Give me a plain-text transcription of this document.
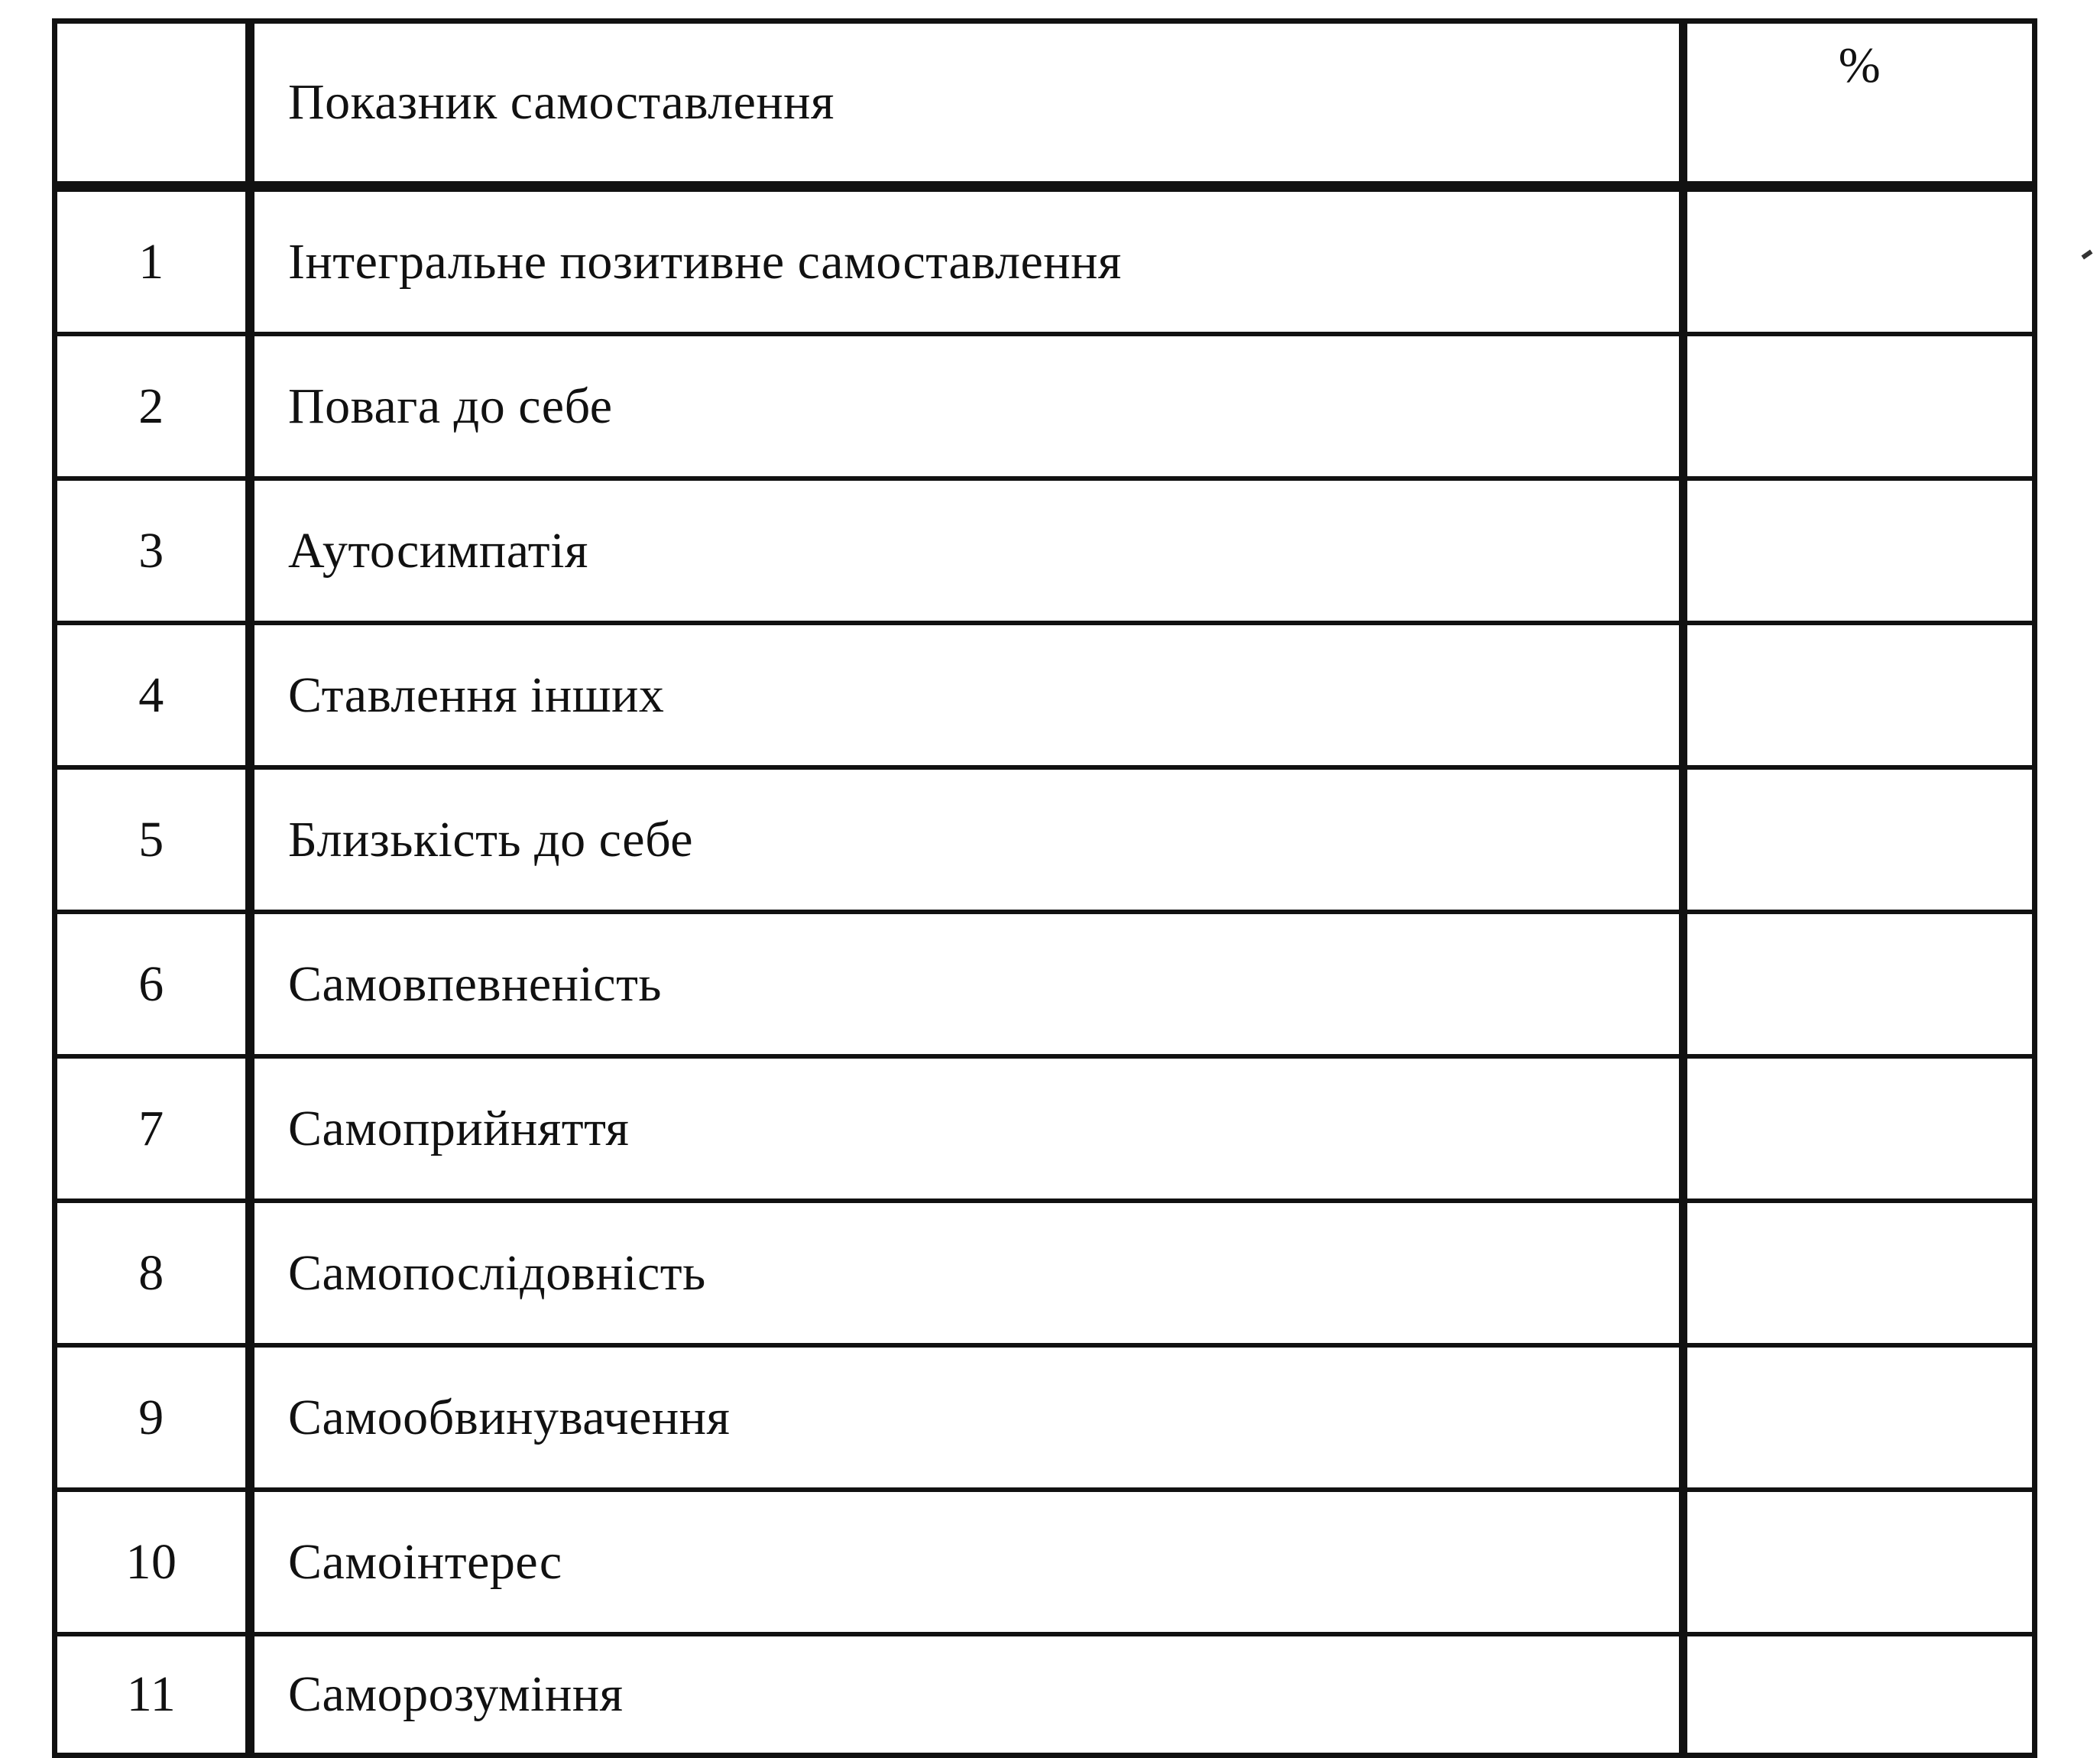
	Показник самоставлення	%
1	Інтегральне позитивне самоставлення	
2	Повага до себе	
3	Аутосимпатія	
4	Ставлення інших	
5	Близькість до себе	
6	Самовпевненість	
7	Самоприйняття	
8	Самопослідовність	
9	Самообвинувачення	
10	Самоінтерес	
11	Саморозуміння	
